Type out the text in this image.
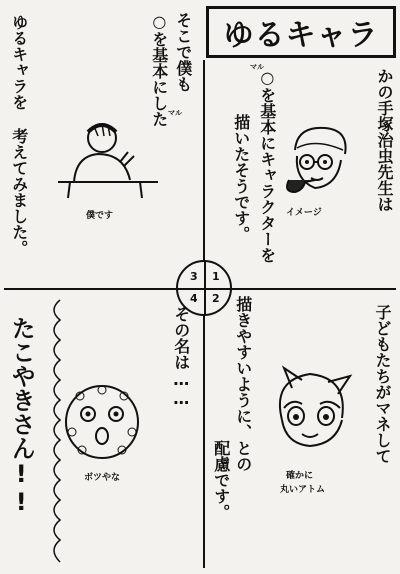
ゆるキャラ
かの手塚治虫先生は
○を基本にキャラクターを
描いたそうです。
マル
イメージ
そこで僕も
○を基本にした マル
ゆるキャラを
考えてみました。	僕です
1
2
3
4
子どもたちがマネして
描きやすいように、との
配慮です。	確かに
丸いアトム
その名は……
ボツやな
たこやきさん!!
